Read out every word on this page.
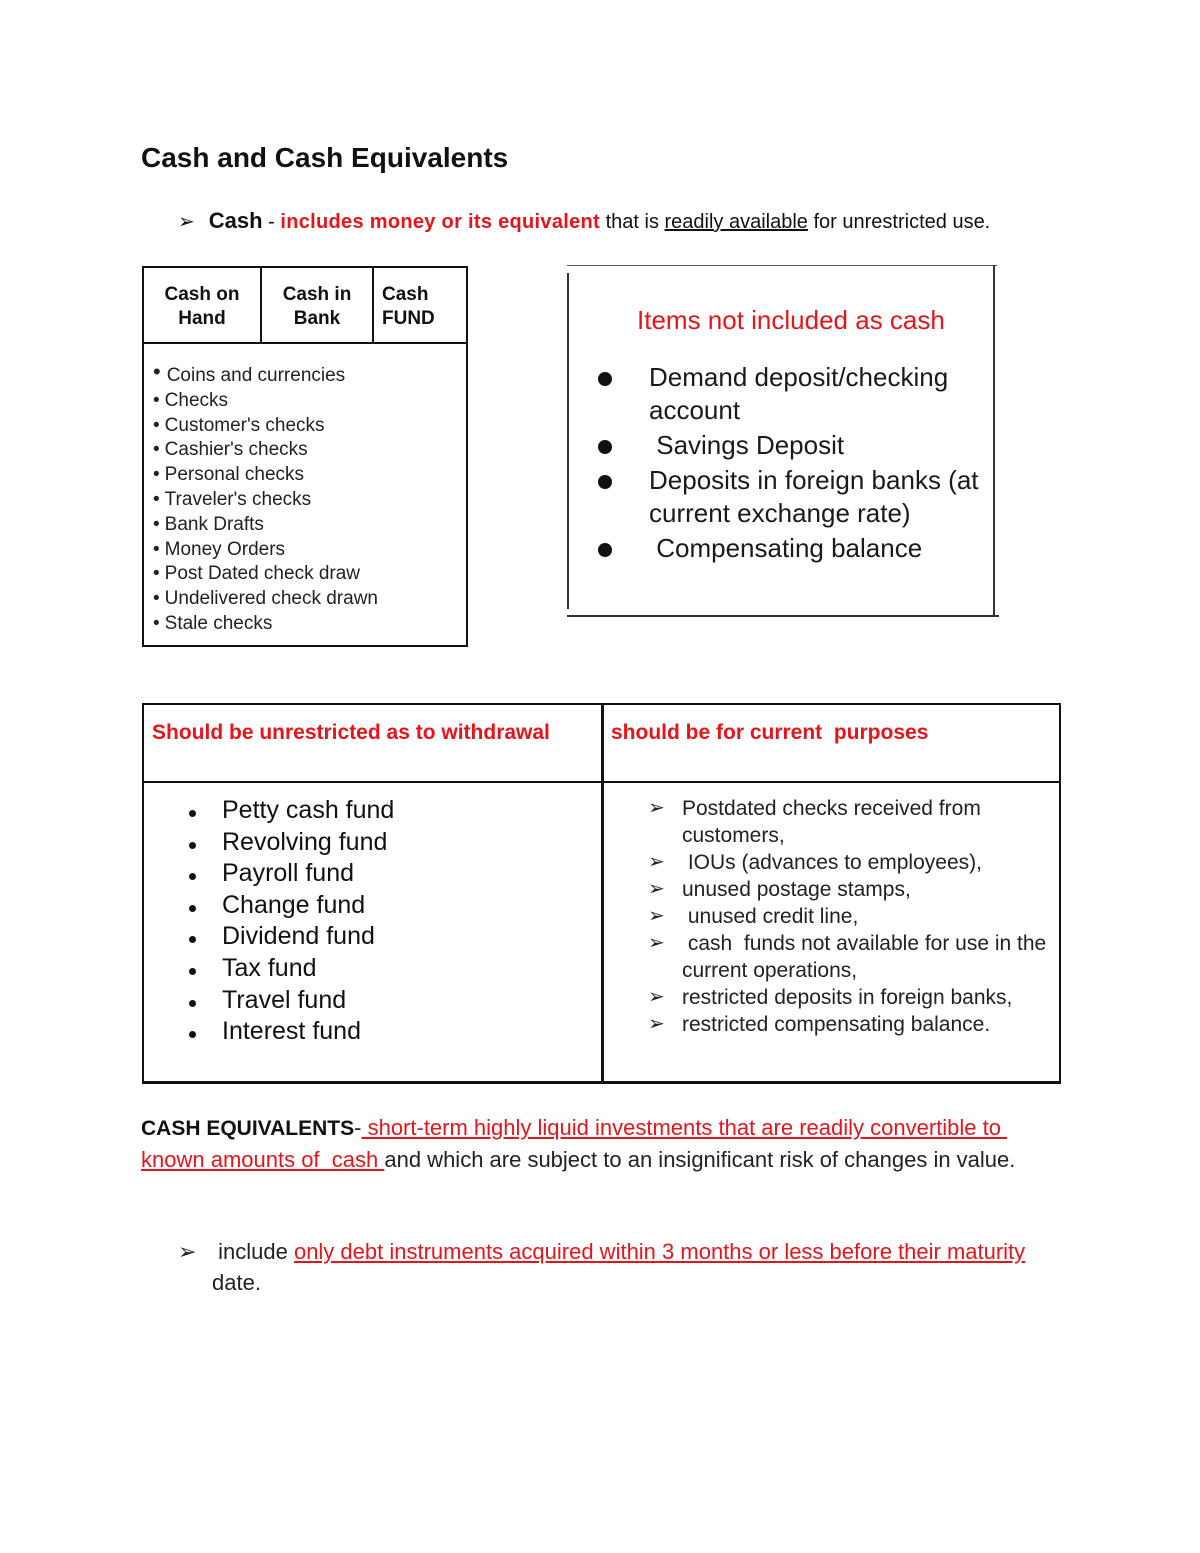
Cash and Cash Equivalents
➢ Cash - includes money or its equivalent that is readily available for unrestricted use.
Cash on
Hand
Cash in
Bank
Cash
FUND
• Coins and currencies
• Checks
• Customer's checks
• Cashier's checks
• Personal checks
• Traveler's checks
• Bank Drafts
• Money Orders
• Post Dated check draw
• Undelivered check drawn
• Stale checks
Items not included as cash
Demand deposit/checking account
Savings Deposit
Deposits in foreign banks (at current exchange rate)
Compensating balance
Should be unrestricted as to withdrawal	should be for current  purposes
Petty cash fund
Revolving fund
Payroll fund
Change fund
Dividend fund
Tax fund
Travel fund
Interest fund
➢ Postdated checks received from customers,
➢  IOUs (advances to employees),
➢ unused postage stamps,
➢  unused credit line,
➢  cash  funds not available for use in the current operations,
➢ restricted deposits in foreign banks,
➢ restricted compensating balance.
CASH EQUIVALENTS- short-term highly liquid investments that are readily convertible to known amounts of  cash and which are subject to an insignificant risk of changes in value.
➢ include only debt instruments acquired within 3 months or less before their maturity date.
